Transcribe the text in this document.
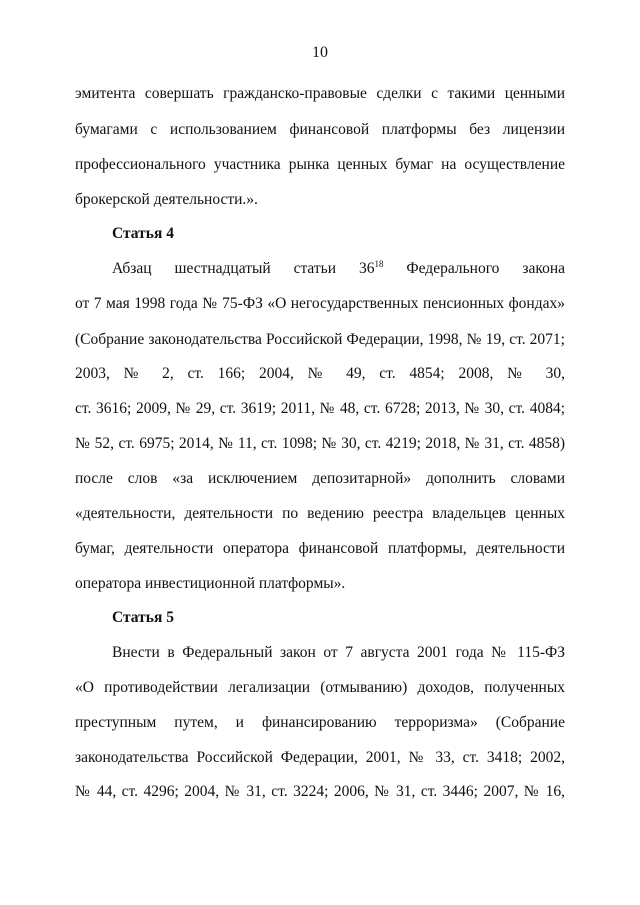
10
эмитента совершать гражданско-правовые сделки с такими ценными
бумагами с использованием финансовой платформы без лицензии
профессионального участника рынка ценных бумаг на осуществление
брокерской деятельности.».
Статья 4
Абзац шестнадцатый статьи $36^{18}$ Федерального закона
от 7 мая 1998 года № 75-ФЗ «О негосударственных пенсионных фондах»
(Собрание законодательства Российской Федерации, 1998, № 19, ст. 2071;
2003, № 2, ст. 166; 2004, № 49, ст. 4854; 2008, № 30,
ст. 3616; 2009, № 29, ст. 3619; 2011, № 48, ст. 6728; 2013, № 30, ст. 4084;
№ 52, ст. 6975; 2014, № 11, ст. 1098; № 30, ст. 4219; 2018, № 31, ст. 4858)
после слов «за исключением депозитарной» дополнить словами
«деятельности, деятельности по ведению реестра владельцев ценных
бумаг, деятельности оператора финансовой платформы, деятельности
оператора инвестиционной платформы».
Статья 5
Внести в Федеральный закон от 7 августа 2001 года № 115-ФЗ
«О противодействии легализации (отмыванию) доходов, полученных
преступным путем, и финансированию терроризма» (Собрание
законодательства Российской Федерации, 2001, № 33, ст. 3418; 2002,
№ 44, ст. 4296; 2004, № 31, ст. 3224; 2006, № 31, ст. 3446; 2007, № 16,
